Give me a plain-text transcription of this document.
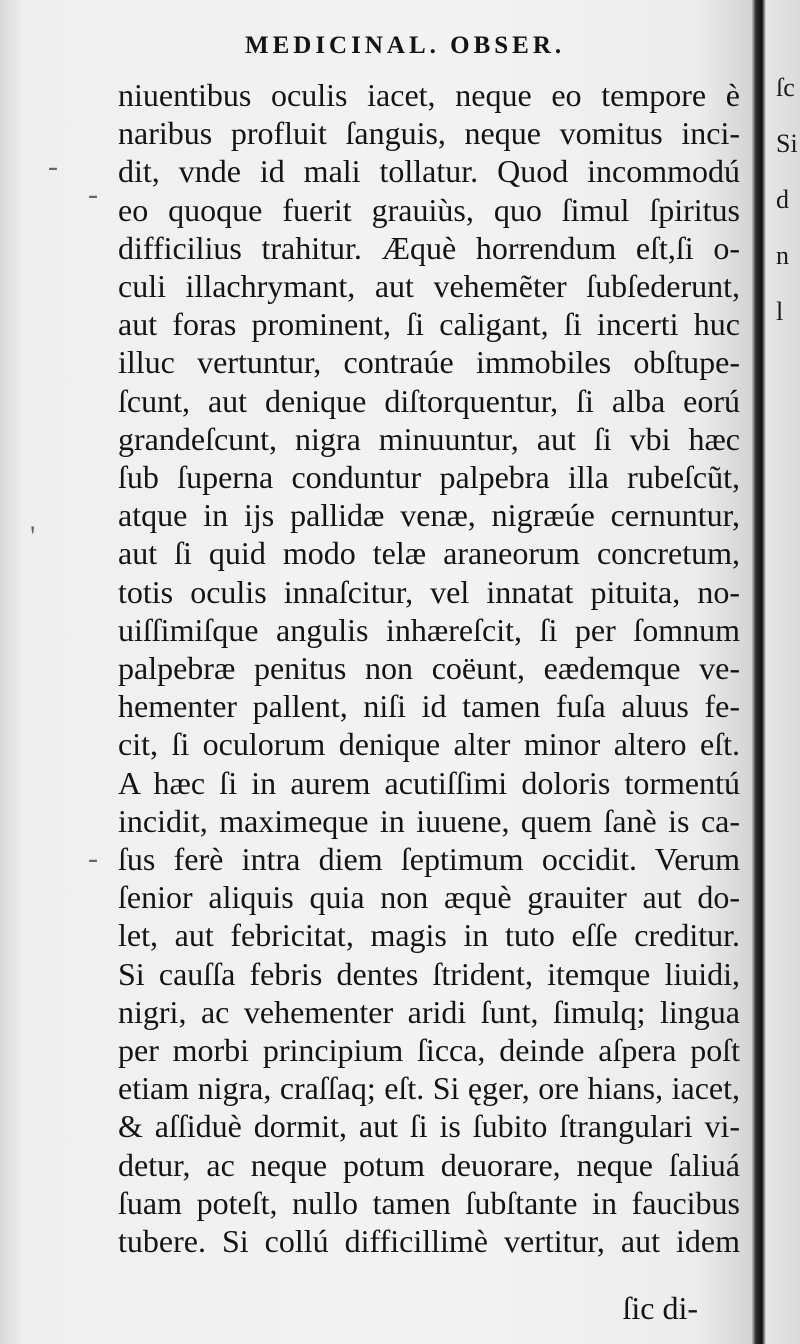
MEDICINAL. OBSER.
niuentibus oculis iacet, neque eo tempore è
naribus profluit ſanguis, neque vomitus inci-
dit, vnde id mali tollatur. Quod incommodú
eo quoque fuerit grauiùs, quo ſimul ſpiritus
difficilius trahitur. Æquè horrendum eſt,ſi o-
culi illachrymant, aut vehemẽter ſubſederunt,
aut foras prominent, ſi caligant, ſi incerti huc
illuc vertuntur, contraúe immobiles obſtupe-
ſcunt, aut denique diſtorquentur, ſi alba eorú
grandeſcunt, nigra minuuntur, aut ſi vbi hæc
ſub ſuperna conduntur palpebra illa rubeſcũt,
atque in ijs pallidæ venæ, nigræúe cernuntur,
aut ſi quid modo telæ araneorum concretum,
totis oculis innaſcitur, vel innatat pituita, no-
uiſſimiſque angulis inhæreſcit, ſi per ſomnum
palpebræ penitus non coëunt, eædemque ve-
hementer pallent, niſi id tamen fuſa aluus fe-
cit, ſi oculorum denique alter minor altero eſt.
A hæc ſi in aurem acutiſſimi doloris tormentú
incidit, maximeque in iuuene, quem ſanè is ca-
ſus ferè intra diem ſeptimum occidit. Verum
ſenior aliquis quia non æquè grauiter aut do-
let, aut febricitat, magis in tuto eſſe creditur.
Si cauſſa febris dentes ſtrident, itemque liuidi,
nigri, ac vehementer aridi ſunt, ſimulq; lingua
per morbi principium ſicca, deinde aſpera poſt
etiam nigra, craſſaq; eſt. Si ęger, ore hians, iacet,
& aſſiduè dormit, aut ſi is ſubito ſtrangulari vi-
detur, ac neque potum deuorare, neque ſaliuá
ſuam poteſt, nullo tamen ſubſtante in faucibus
tubere. Si collú difficillimè vertitur, aut idem
ſic di-
-
-
-
'
ſc
Si
d
n
l
